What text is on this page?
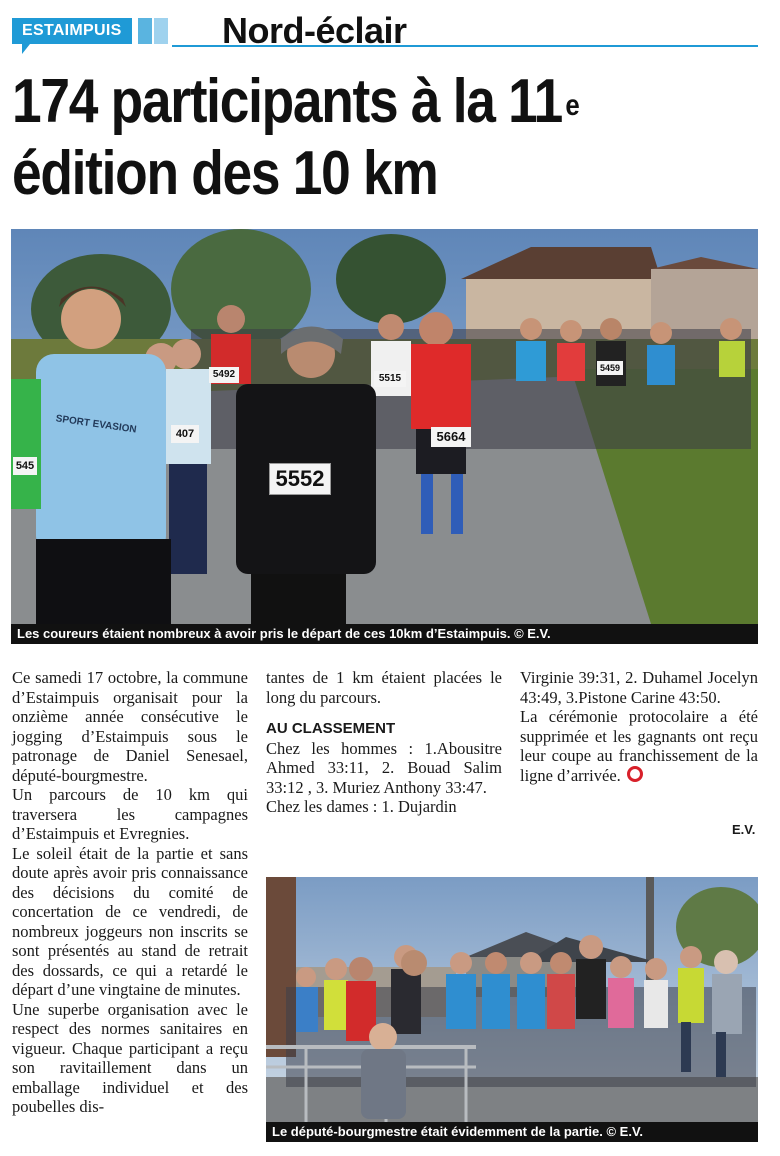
ESTAIMPUIS	Nord-éclair
174 participants à la 11 $^e$
édition des 10 km
5552
5664
5515
5492
407
5459
545
SPORT EVASION
Les coureurs étaient nombreux à avoir pris le départ de ces 10km d’Estaimpuis. © E.V.

Ce samedi 17 octobre, la commune d’Estaimpuis organisait pour la onzième année consécutive le jogging d’Estaimpuis sous le patronage de Daniel Senesael, député-bourgmestre.

Un parcours de 10 km qui traversera les campagnes d’Estaimpuis et Evregnies.

Le soleil était de la partie et sans doute après avoir pris connaissance des décisions du comité de concertation de ce vendredi, de nombreux joggeurs non inscrits se sont présentés au stand de retrait des dossards, ce qui a retardé le départ d’une vingtaine de minutes.

Une superbe organisation avec le respect des normes sanitaires en vigueur. Chaque participant a reçu son ravitaillement dans un emballage individuel et des poubelles dis-

tantes de 1 km étaient placées le long du parcours.

AU CLASSEMENT

Chez les hommes : 1.Abousitre Ahmed 33:11, 2. Bouad Salim 33:12 , 3. Muriez Anthony 33:47.

Chez les dames : 1. Dujardin

Virginie 39:31, 2. Duhamel Jocelyn 43:49, 3.Pistone Carine 43:50.

La cérémonie protocolaire a été supprimée et les gagnants ont reçu leur coupe au franchissement de la ligne d’arrivée.

E.V.
Le député-bourgmestre était évidemment de la partie. © E.V.
